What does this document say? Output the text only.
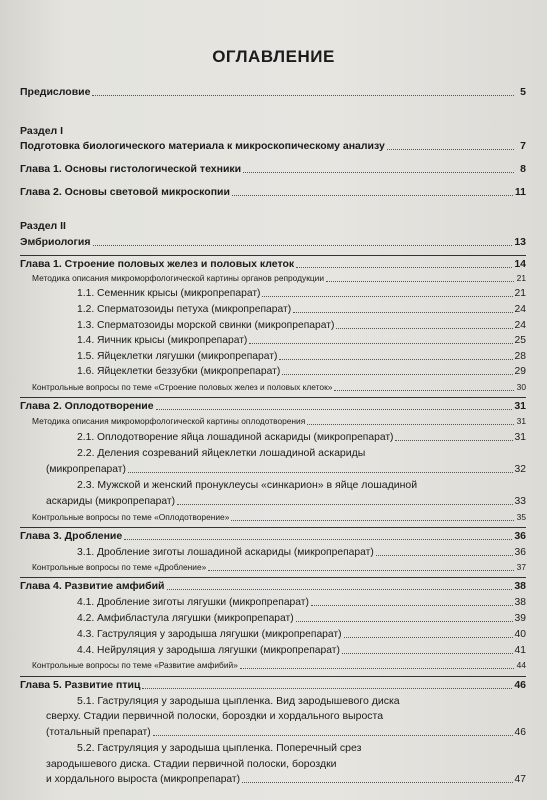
ОГЛАВЛЕНИЕ
Предисловие	5
Раздел I
Подготовка биологического материала к микроскопическому анализу	7
Глава 1. Основы гистологической техники	8
Глава 2. Основы световой микроскопии	11
Раздел II
Эмбриология	13
Глава 1. Строение половых желез и половых клеток	14
Методика описания микроморфологической картины органов репродукции	21
1.1. Семенник крысы (микропрепарат)	21
1.2. Сперматозоиды петуха (микропрепарат)	24
1.3. Сперматозоиды морской свинки (микропрепарат)	24
1.4. Яичник крысы (микропрепарат)	25
1.5. Яйцеклетки лягушки (микропрепарат)	28
1.6. Яйцеклетки беззубки (микропрепарат)	29
Контрольные вопросы по теме «Строение половых желез и половых клеток»	30
Глава 2. Оплодотворение	31
Методика описания микроморфологической картины оплодотворения	31
2.1. Оплодотворение яйца лошадиной аскариды (микропрепарат)	31
2.2. Деления созреваний яйцеклетки лошадиной аскариды
(микропрепарат)	32
2.3. Мужской и женский пронуклеусы «синкарион» в яйце лошадиной
аскариды (микропрепарат)	33
Контрольные вопросы по теме «Оплодотворение»	35
Глава 3. Дробление	36
3.1. Дробление зиготы лошадиной аскариды (микропрепарат)	36
Контрольные вопросы по теме «Дробление»	37
Глава 4. Развитие амфибий	38
4.1. Дробление зиготы лягушки (микропрепарат)	38
4.2. Амфибластула лягушки (микропрепарат)	39
4.3. Гаструляция у зародыша лягушки (микропрепарат)	40
4.4. Нейруляция у зародыша лягушки (микропрепарат)	41
Контрольные вопросы по теме «Развитие амфибий»	44
Глава 5. Развитие птиц	46
5.1. Гаструляция у зародыша цыпленка. Вид зародышевого диска
сверху. Стадии первичной полоски, бороздки и хордального выроста
(тотальный препарат)	46
5.2. Гаструляция у зародыша цыпленка. Поперечный срез
зародышевого диска. Стадии первичной полоски, бороздки
и хордального выроста (микропрепарат)	47
